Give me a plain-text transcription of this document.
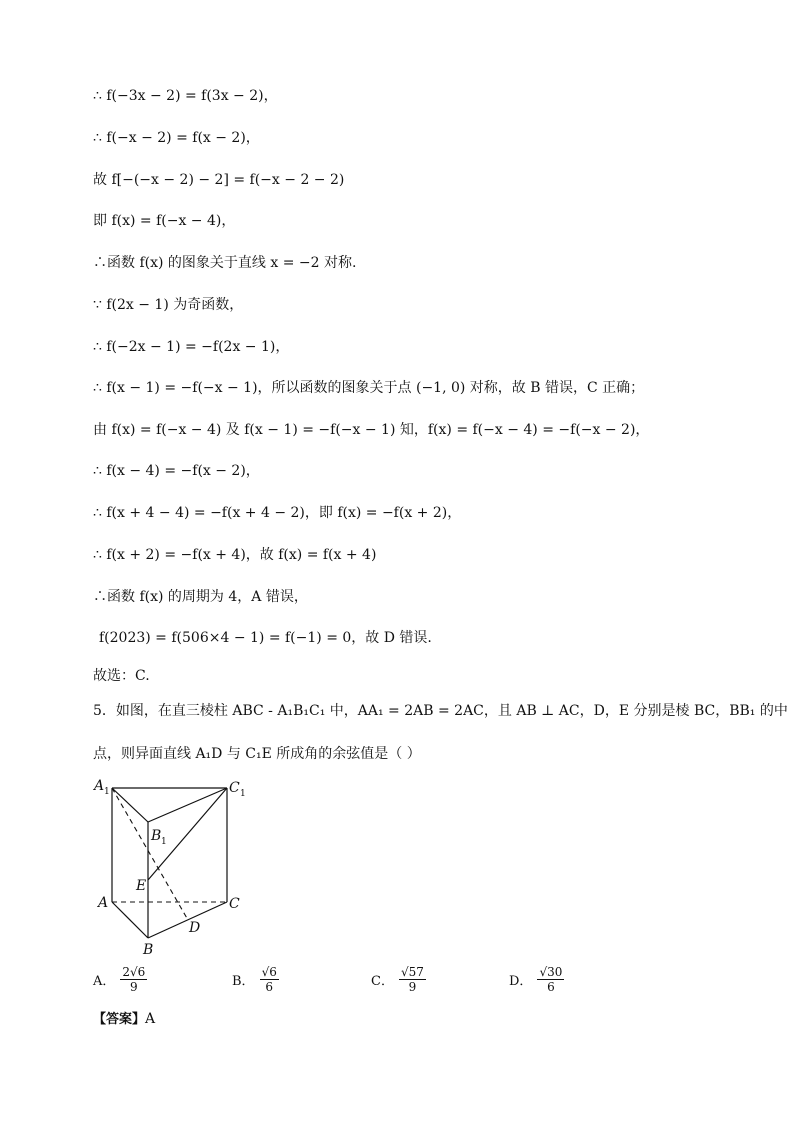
∴ f(−3x − 2) = f(3x − 2)，
∴ f(−x − 2) = f(x − 2)，
故 f[−(−x − 2) − 2] = f(−x − 2 − 2)
即 f(x) = f(−x − 4)，
∴函数 f(x) 的图象关于直线 x = −2 对称.
∵ f(2x − 1) 为奇函数，
∴ f(−2x − 1) = −f(2x − 1)，
∴ f(x − 1) = −f(−x − 1)，所以函数的图象关于点 (−1, 0) 对称，故 B 错误，C 正确；
由 f(x) = f(−x − 4) 及 f(x − 1) = −f(−x − 1) 知，f(x) = f(−x − 4) = −f(−x − 2)，
∴ f(x − 4) = −f(x − 2)，
∴ f(x + 4 − 4) = −f(x + 4 − 2)，即 f(x) = −f(x + 2)，
∴ f(x + 2) = −f(x + 4)，故 f(x) = f(x + 4)
∴函数 f(x) 的周期为 4，A 错误，
f(2023) = f(506×4 − 1) = f(−1) = 0，故 D 错误.
故选：C.
5．如图，在直三棱柱 ABC - A₁B₁C₁ 中，AA₁ = 2AB = 2AC，且 AB ⊥ AC，D，E 分别是棱 BC，BB₁ 的中
点，则异面直线 A₁D 与 C₁E 所成角的余弦值是（ ）
A 1	C 1
B 1
E
A	C
D
B
A． $\frac{2√6}{9}$	B． $\frac{√6}{6}$	C． $\frac{√57}{9}$	D． $\frac{√30}{6}$
【答案】A
